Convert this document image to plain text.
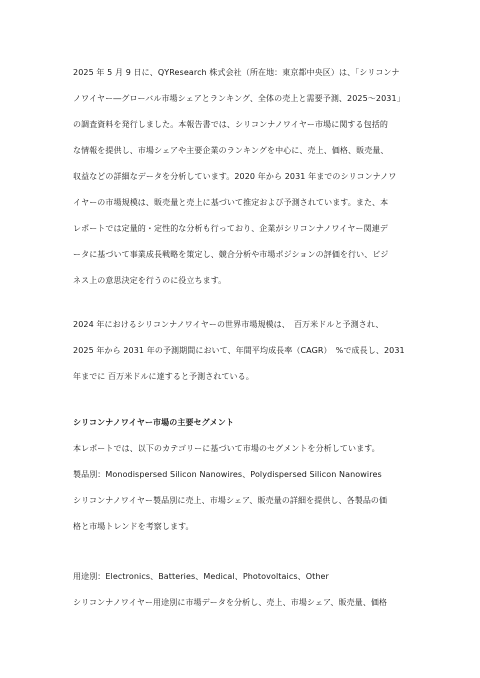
2025 年 5 月 9 日に、QYResearch 株式会社（所在地：東京都中央区）は、「シリコンナ
ノワイヤー―グローバル市場シェアとランキング、全体の売上と需要予測、2025～2031」
の調査資料を発行しました。本報告書では、シリコンナノワイヤー市場に関する包括的
な情報を提供し、市場シェアや主要企業のランキングを中心に、売上、価格、販売量、
収益などの詳細なデータを分析しています。2020 年から 2031 年までのシリコンナノワ
イヤーの市場規模は、販売量と売上に基づいて推定および予測されています。また、本
レポートでは定量的・定性的な分析も行っており、企業がシリコンナノワイヤー関連デ
ータに基づいて事業成長戦略を策定し、競合分析や市場ポジションの評価を行い、ビジ
ネス上の意思決定を行うのに役立ちます。
2024 年におけるシリコンナノワイヤーの世界市場規模は、　百万米ドルと予測され、
2025 年から 2031 年の予測期間において、年間平均成長率（CAGR）　%で成長し、2031
年までに 百万米ドルに達すると予測されている。
シリコンナノワイヤー市場の主要セグメント
本レポートでは、以下のカテゴリーに基づいて市場のセグメントを分析しています。
製品別：Monodispersed Silicon Nanowires、Polydispersed Silicon Nanowires
シリコンナノワイヤー製品別に売上、市場シェア、販売量の詳細を提供し、各製品の価
格と市場トレンドを考察します。
用途別：Electronics、Batteries、Medical、Photovoltaics、Other
シリコンナノワイヤー用途別に市場データを分析し、売上、市場シェア、販売量、価格
